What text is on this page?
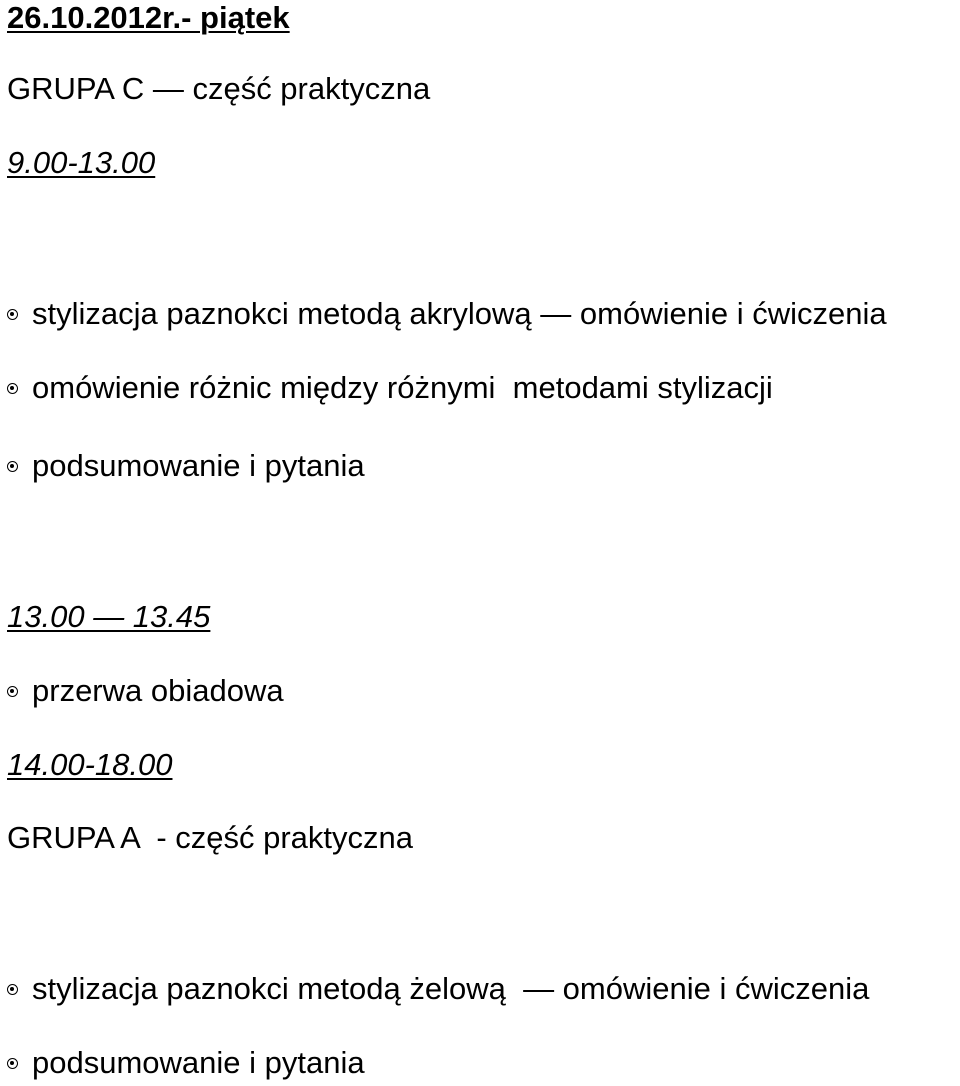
26.10.2012r.- piątek
GRUPA C — część praktyczna
9.00-13.00
stylizacja paznokci metodą akrylową — omówienie i ćwiczenia
omówienie różnic między różnymi  metodami stylizacji
podsumowanie i pytania
13.00 — 13.45
przerwa obiadowa
14.00-18.00
GRUPA A  - część praktyczna
stylizacja paznokci metodą żelową  — omówienie i ćwiczenia
podsumowanie i pytania
